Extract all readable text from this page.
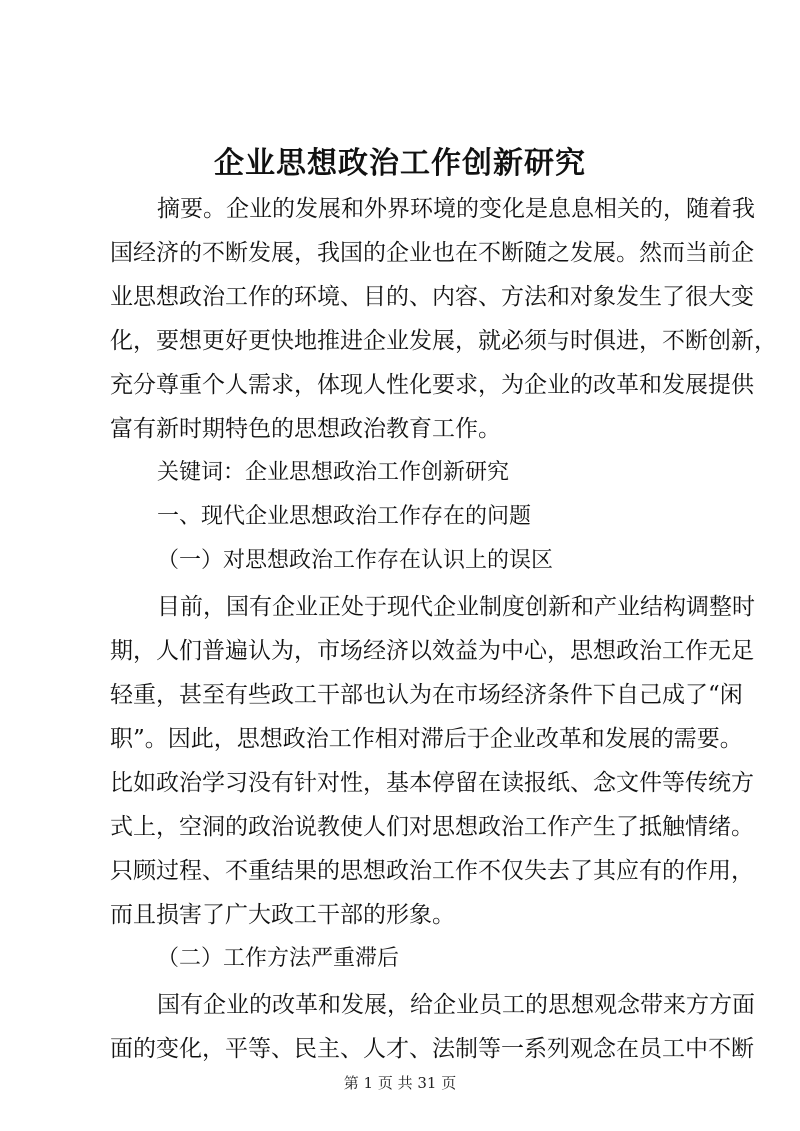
企业思想政治工作创新研究
摘要。企业的发展和外界环境的变化是息息相关的，随着我
国经济的不断发展，我国的企业也在不断随之发展。然而当前企
业思想政治工作的环境、目的、内容、方法和对象发生了很大变
化，要想更好更快地推进企业发展，就必须与时俱进，不断创新，
充分尊重个人需求，体现人性化要求，为企业的改革和发展提供
富有新时期特色的思想政治教育工作。
关键词：企业思想政治工作创新研究
一、现代企业思想政治工作存在的问题
（一）对思想政治工作存在认识上的误区
目前，国有企业正处于现代企业制度创新和产业结构调整时
期，人们普遍认为，市场经济以效益为中心，思想政治工作无足
轻重，甚至有些政工干部也认为在市场经济条件下自己成了“闲
职”。因此，思想政治工作相对滞后于企业改革和发展的需要。
比如政治学习没有针对性，基本停留在读报纸、念文件等传统方
式上，空洞的政治说教使人们对思想政治工作产生了抵触情绪。
只顾过程、不重结果的思想政治工作不仅失去了其应有的作用，
而且损害了广大政工干部的形象。
（二）工作方法严重滞后
国有企业的改革和发展，给企业员工的思想观念带来方方面
面的变化，平等、民主、人才、法制等一系列观念在员工中不断
第 1 页 共 31 页
